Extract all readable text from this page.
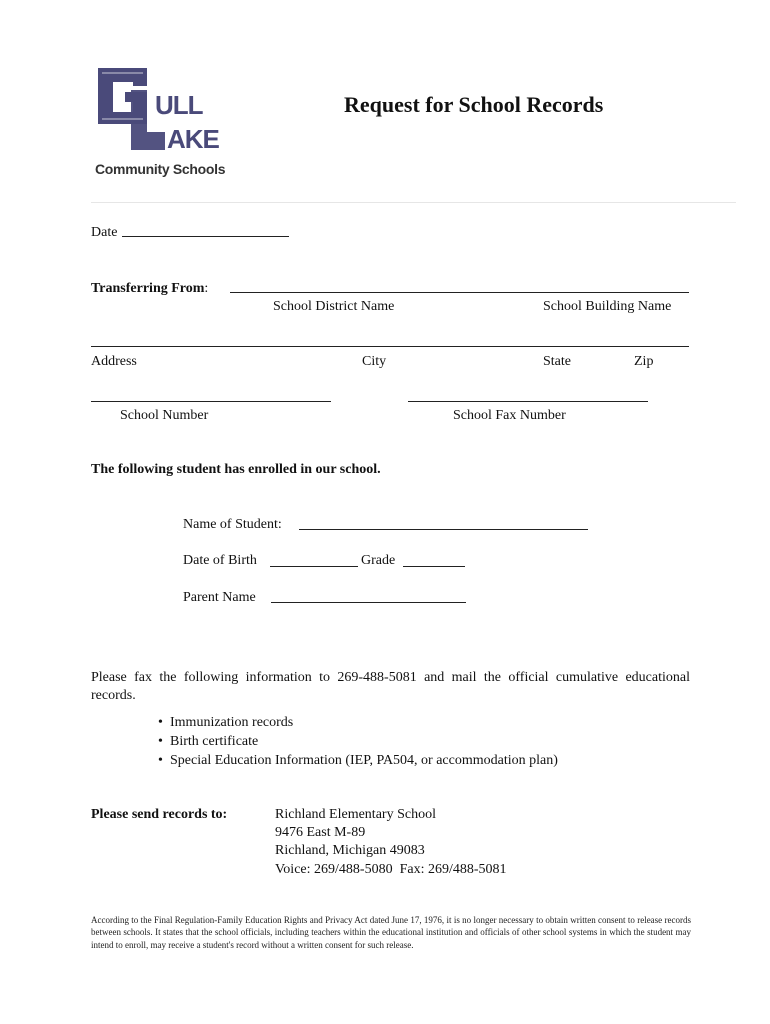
ULL
AKE
Community Schools
Request for School Records
Date
Transferring From:
School District Name	School Building Name
Address	City	State	Zip
School Number	School Fax Number
The following student has enrolled in our school.
Name of Student:
Date of Birth	Grade
Parent Name
Please fax the following information to 269-488-5081 and mail the official cumulative educational records.
• Immunization records
• Birth certificate
• Special Education Information (IEP, PA504, or accommodation plan)
Please send records to:	Richland Elementary School
9476 East M-89
Richland, Michigan 49083
Voice: 269/488-5080  Fax: 269/488-5081
According to the Final Regulation-Family Education Rights and Privacy Act dated June 17, 1976, it is no longer necessary to obtain written consent to release records between schools. It states that the school officials, including teachers within the educational institution and officials of other school systems in which the student may intend to enroll, may receive a student's record without a written consent for such release.
